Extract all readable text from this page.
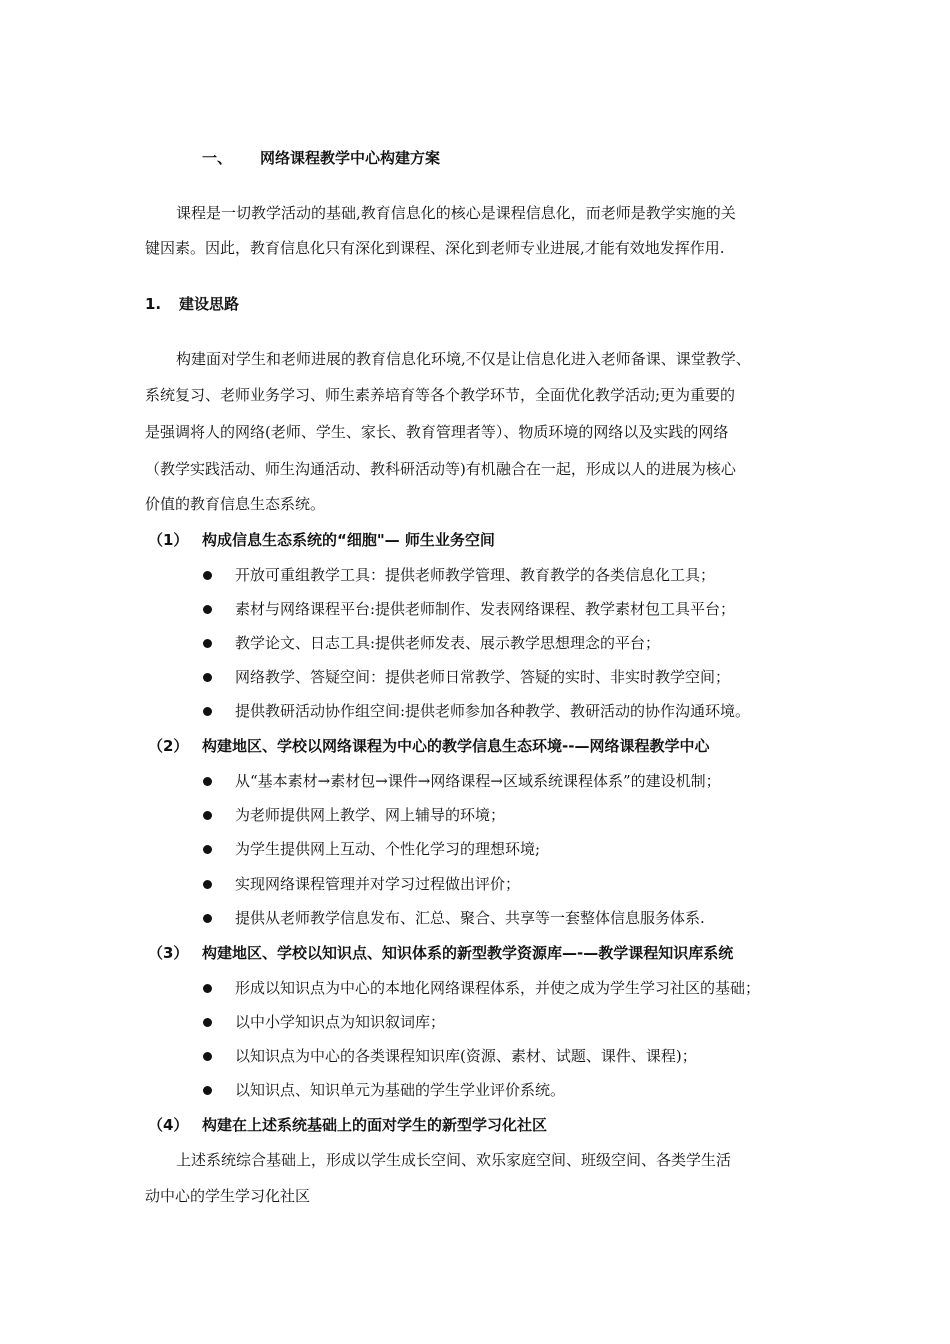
一、 网络课程教学中心构建方案
课程是一切教学活动的基础,教育信息化的核心是课程信息化，而老师是教学实施的关
键因素。因此，教育信息化只有深化到课程、深化到老师专业进展,才能有效地发挥作用.
1. 建设思路
构建面对学生和老师进展的教育信息化环境,不仅是让信息化进入老师备课、课堂教学、
系统复习、老师业务学习、师生素养培育等各个教学环节，全面优化教学活动;更为重要的
是强调将人的网络(老师、学生、家长、教育管理者等）、物质环境的网络以及实践的网络
（教学实践活动、师生沟通活动、教科研活动等)有机融合在一起，形成以人的进展为核心
价值的教育信息生态系统。
（1） 构成信息生态系统的“细胞"— 师生业务空间
开放可重组教学工具：提供老师教学管理、教育教学的各类信息化工具；
素材与网络课程平台:提供老师制作、发表网络课程、教学素材包工具平台；
教学论文、日志工具:提供老师发表、展示教学思想理念的平台；
网络教学、答疑空间：提供老师日常教学、答疑的实时、非实时教学空间；
提供教研活动协作组空间:提供老师参加各种教学、教研活动的协作沟通环境。
（2） 构建地区、学校以网络课程为中心的教学信息生态环境--—网络课程教学中心
从“基本素材→素材包→课件→网络课程→区域系统课程体系”的建设机制；
为老师提供网上教学、网上辅导的环境；
为学生提供网上互动、个性化学习的理想环境;
实现网络课程管理并对学习过程做出评价；
提供从老师教学信息发布、汇总、聚合、共享等一套整体信息服务体系.
（3） 构建地区、学校以知识点、知识体系的新型教学资源库—-—教学课程知识库系统
形成以知识点为中心的本地化网络课程体系，并使之成为学生学习社区的基础；
以中小学知识点为知识叙词库；
以知识点为中心的各类课程知识库(资源、素材、试题、课件、课程)；
以知识点、知识单元为基础的学生学业评价系统。
（4） 构建在上述系统基础上的面对学生的新型学习化社区
上述系统综合基础上，形成以学生成长空间、欢乐家庭空间、班级空间、各类学生活
动中心的学生学习化社区
